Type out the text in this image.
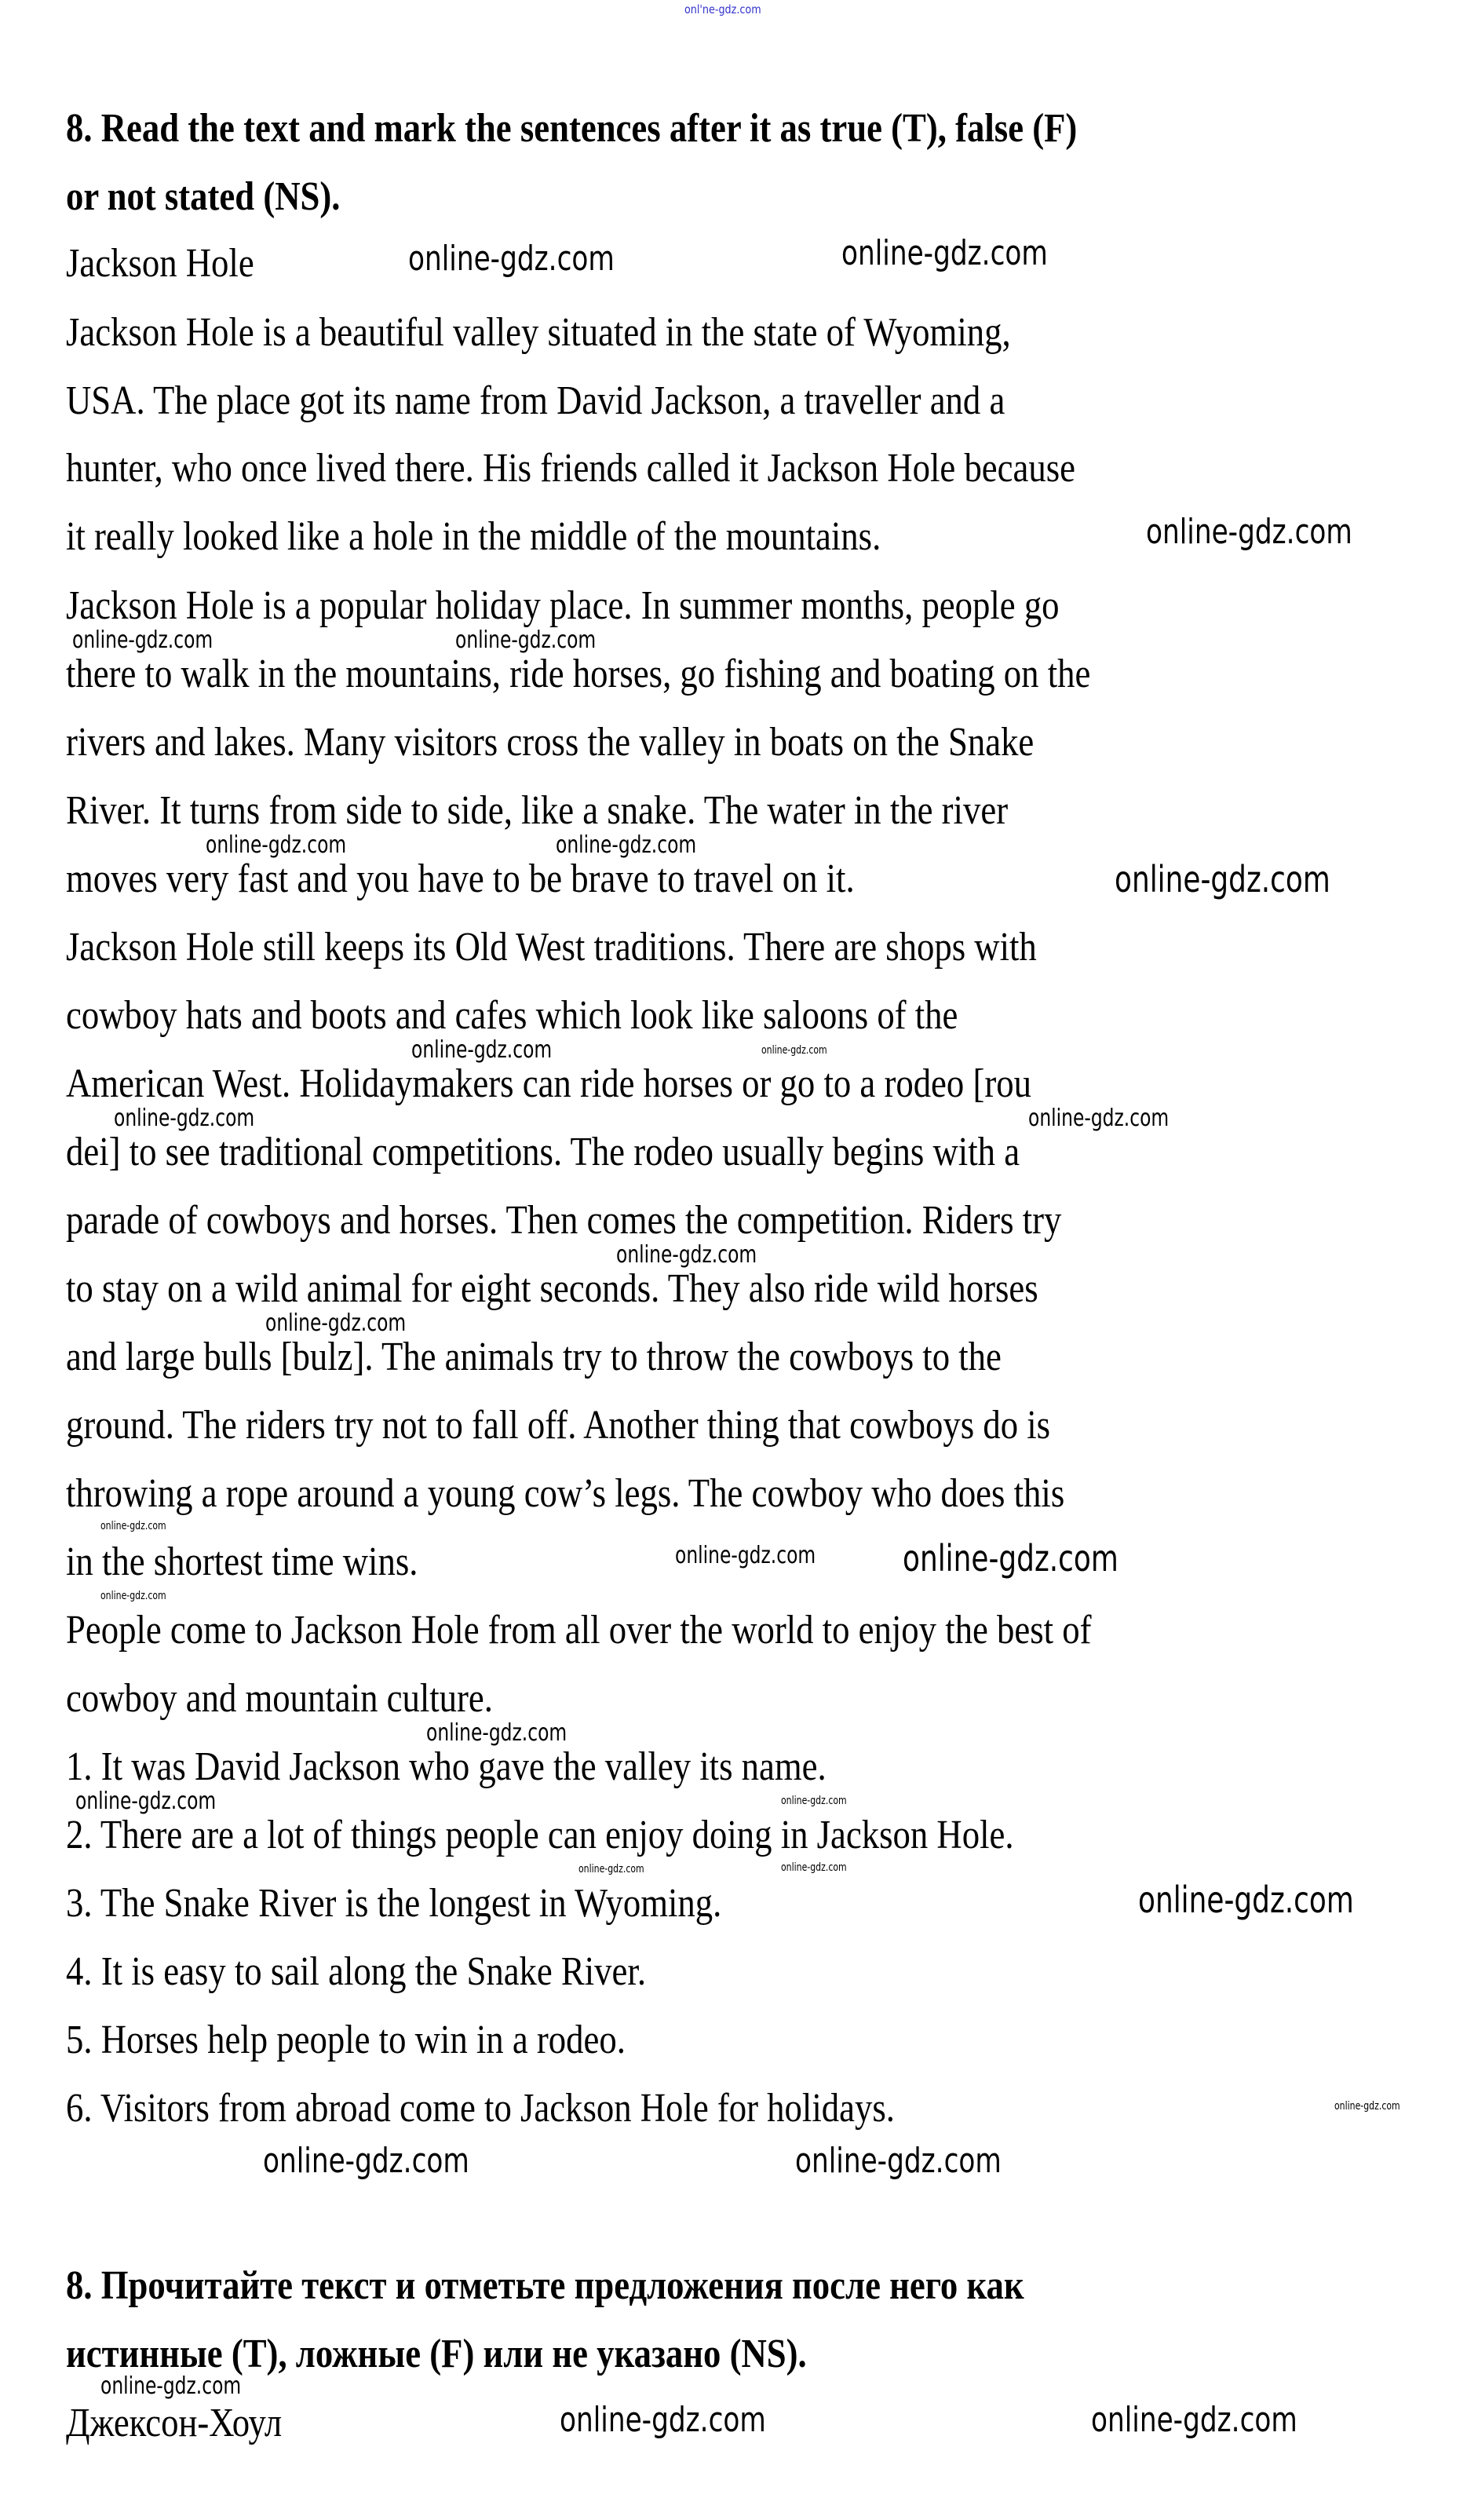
onl'ne-gdz.com
8. Read the text and mark the sentences after it as true (T), false (F)
or not stated (NS).
Jackson Hole
Jackson Hole is a beautiful valley situated in the state of Wyoming,
USA. The place got its name from David Jackson, a traveller and a
hunter, who once lived there. His friends called it Jackson Hole because
it really looked like a hole in the middle of the mountains.
Jackson Hole is a popular holiday place. In summer months, people go
there to walk in the mountains, ride horses, go fishing and boating on the
rivers and lakes. Many visitors cross the valley in boats on the Snake
River. It turns from side to side, like a snake. The water in the river
moves very fast and you have to be brave to travel on it.
Jackson Hole still keeps its Old West traditions. There are shops with
cowboy hats and boots and cafes which look like saloons of the
American West. Holidaymakers can ride horses or go to a rodeo [rou
dei] to see traditional competitions. The rodeo usually begins with a
parade of cowboys and horses. Then comes the competition. Riders try
to stay on a wild animal for eight seconds. They also ride wild horses
and large bulls [bulz]. The animals try to throw the cowboys to the
ground. The riders try not to fall off. Another thing that cowboys do is
throwing a rope around a young cow’s legs. The cowboy who does this
in the shortest time wins.
People come to Jackson Hole from all over the world to enjoy the best of
cowboy and mountain culture.
1. It was David Jackson who gave the valley its name.
2. There are a lot of things people can enjoy doing in Jackson Hole.
3. The Snake River is the longest in Wyoming.
4. It is easy to sail along the Snake River.
5. Horses help people to win in a rodeo.
6. Visitors from abroad come to Jackson Hole for holidays.
8. Прочитайте текст и отметьте предложения после него как
истинные (T), ложные (F) или не указано (NS).
Джексон-Хоул
online-gdz.com
online-gdz.com
online-gdz.com
online-gdz.com	online-gdz.com
online-gdz.com	online-gdz.com
online-gdz.com
online-gdz.com	online-gdz.com
online-gdz.com	online-gdz.com
online-gdz.com
online-gdz.com
online-gdz.com
online-gdz.com online-gdz.com
online-gdz.com
online-gdz.com
online-gdz.com	online-gdz.com
online-gdz.com
online-gdz.com
online-gdz.com
online-gdz.com
online-gdz.com	online-gdz.com
online-gdz.com
online-gdz.com	online-gdz.com
